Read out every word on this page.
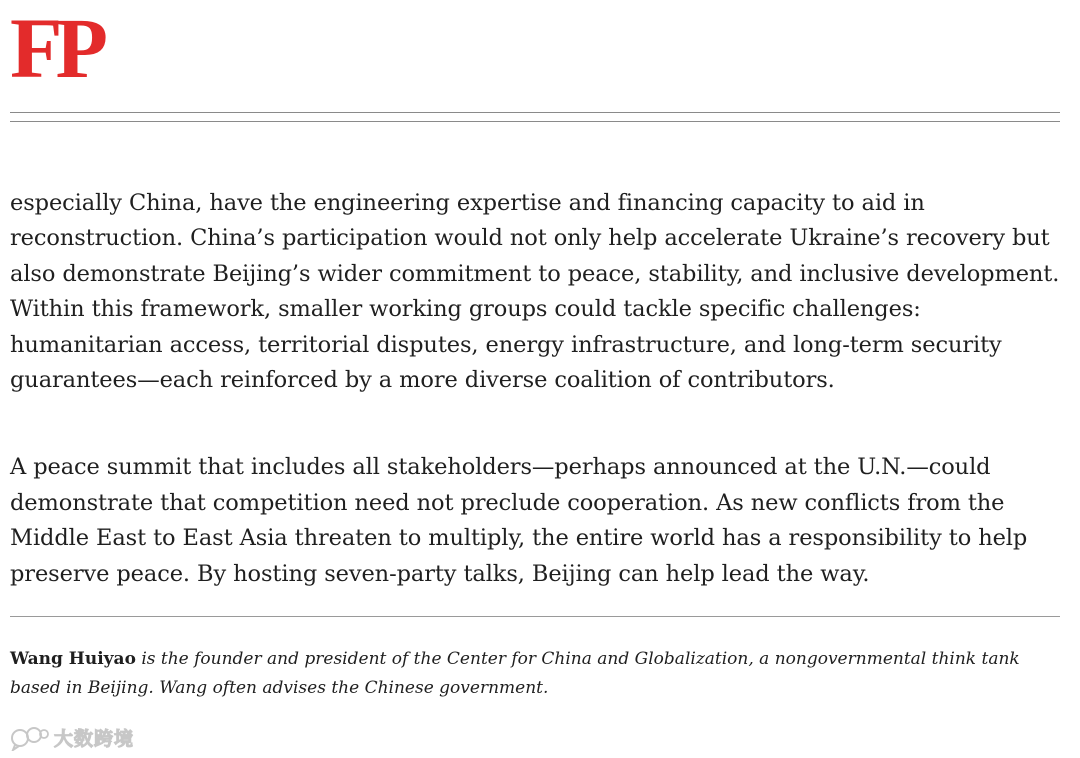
FP

especially China, have the engineering expertise and financing capacity to aid in reconstruction. China’s participation would not only help accelerate Ukraine’s recovery but also demonstrate Beijing’s wider commitment to peace, stability, and inclusive development. Within this framework, smaller working groups could tackle specific challenges: humanitarian access, territorial disputes, energy infrastructure, and long-term security guarantees—each reinforced by a more diverse coalition of contributors.

A peace summit that includes all stakeholders—perhaps announced at the U.N.—could demonstrate that competition need not preclude cooperation. As new conflicts from the Middle East to East Asia threaten to multiply, the entire world has a responsibility to help preserve peace. By hosting seven-party talks, Beijing can help lead the way.

Wang Huiyao is the founder and president of the Center for China and Globalization, a nongovernmental think tank based in Beijing. Wang often advises the Chinese government.
大数跨境
